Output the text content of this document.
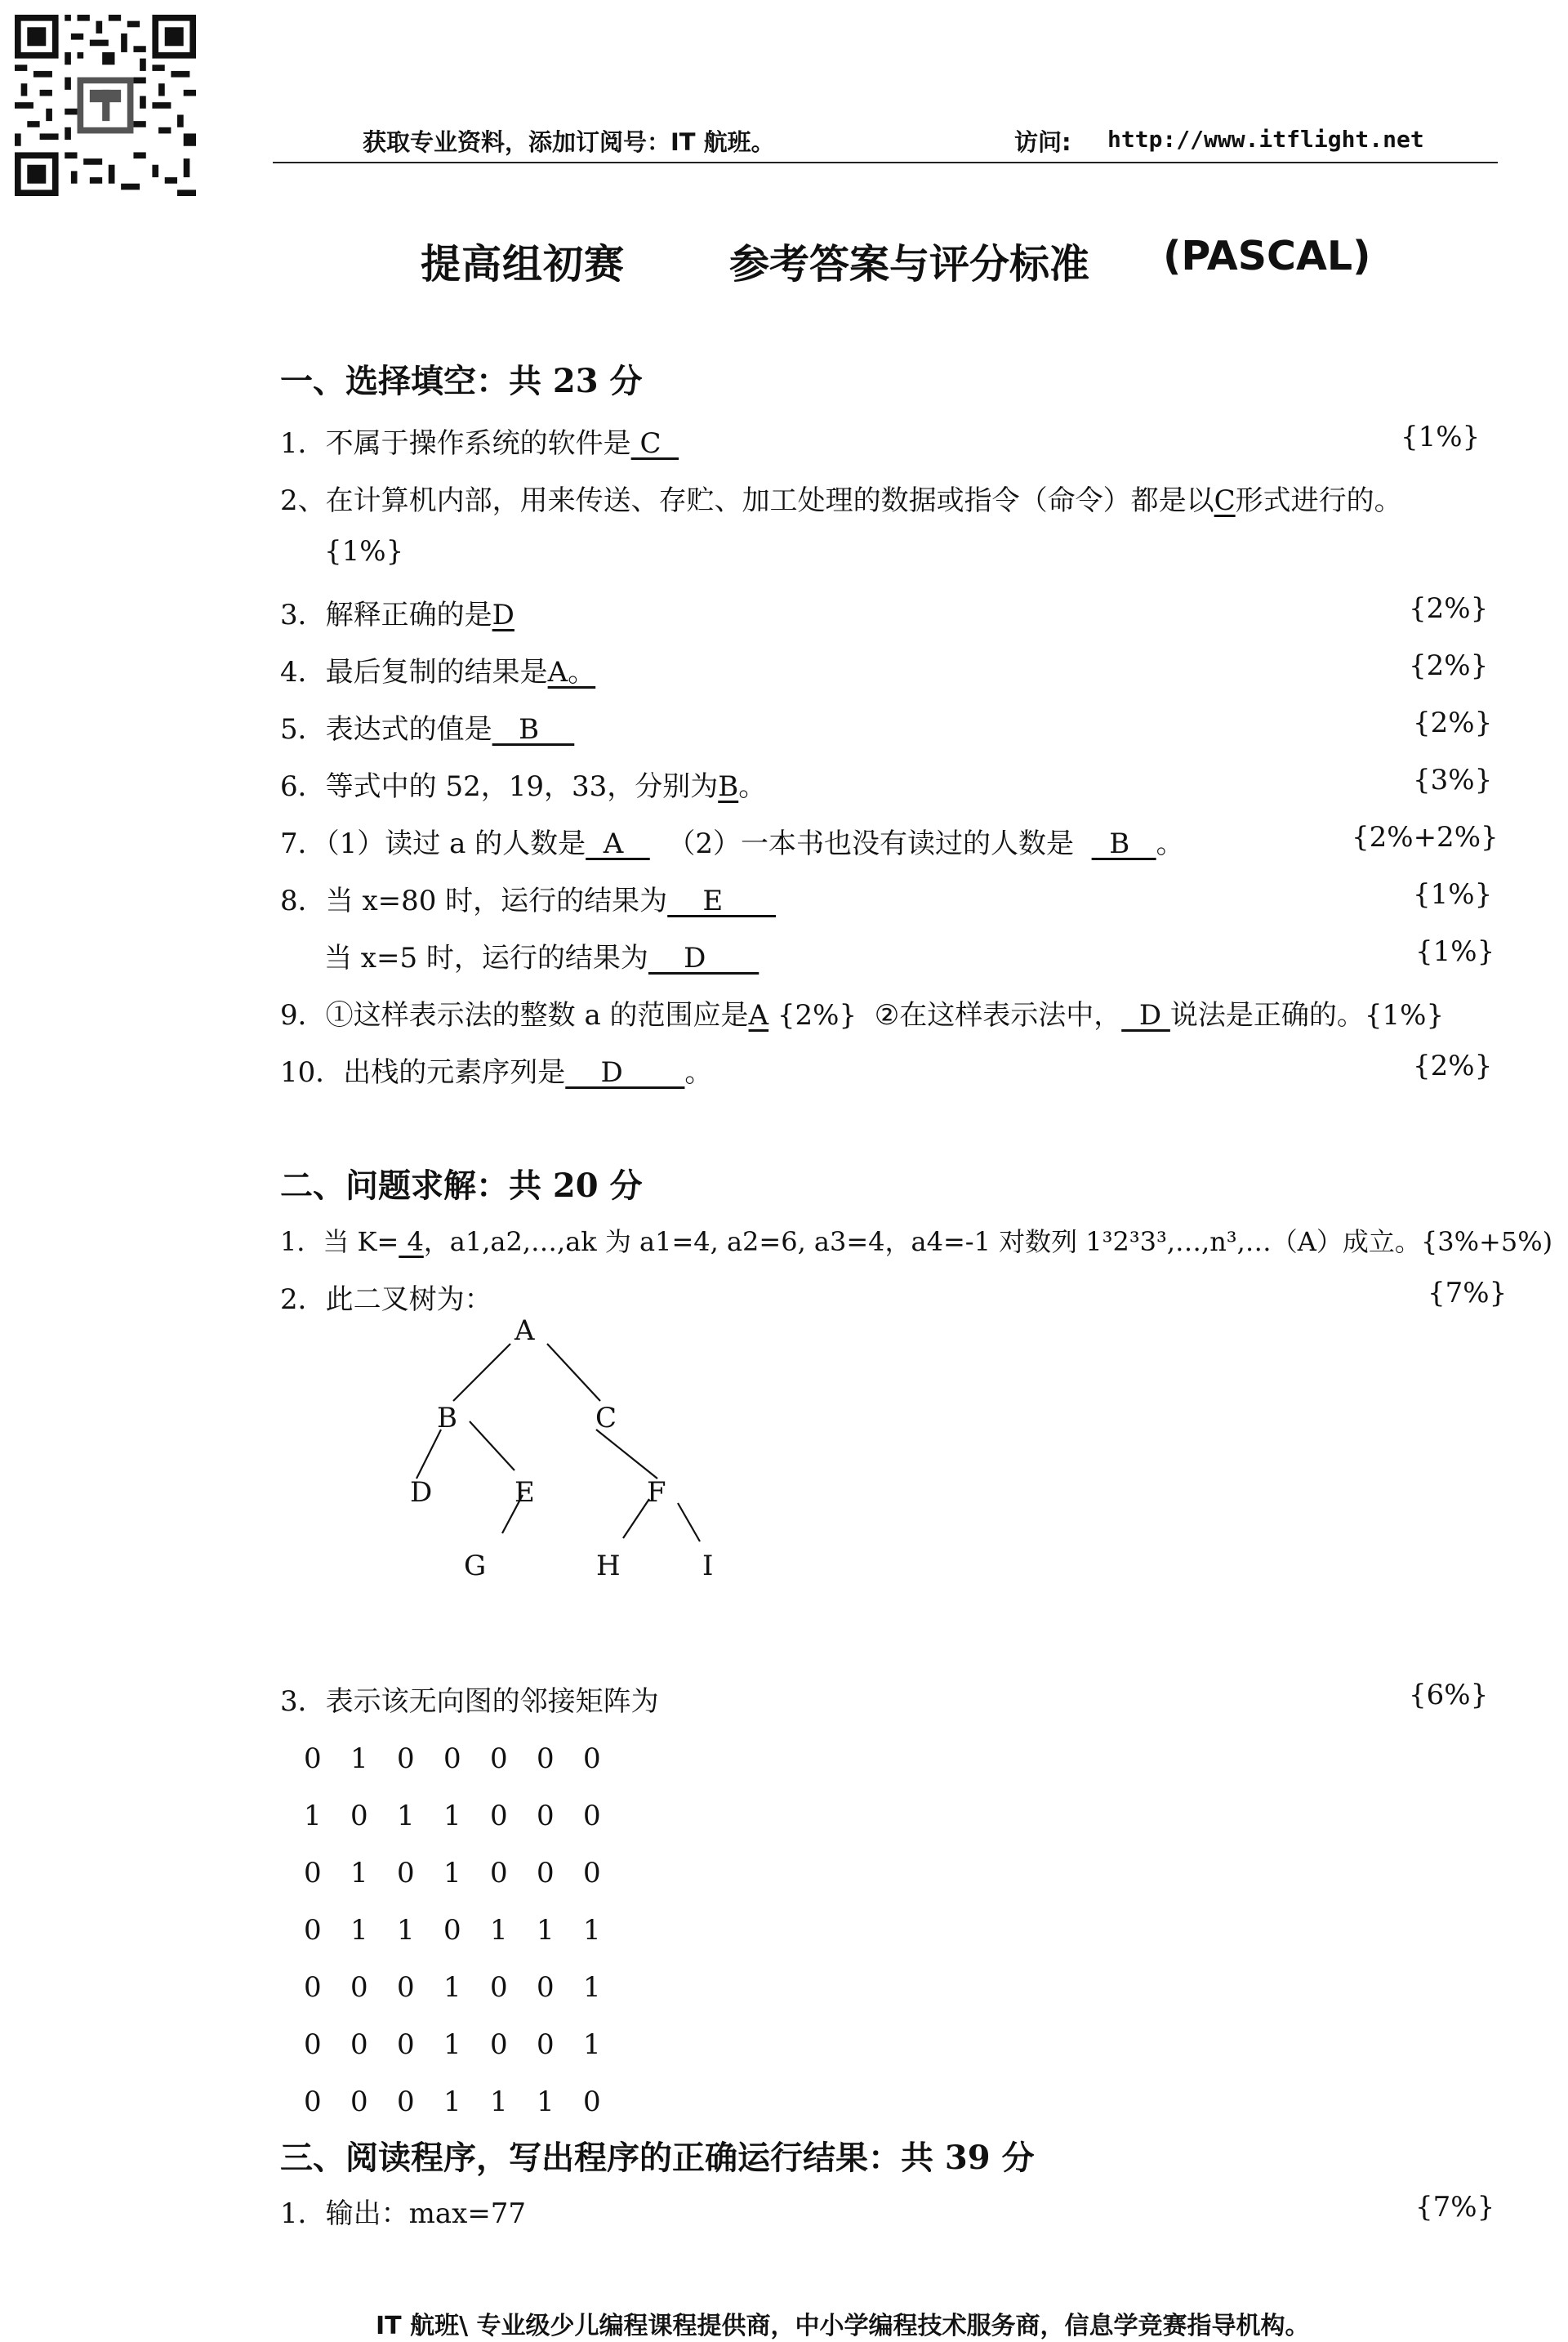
获取专业资料，添加订阅号：IT 航班。	访问: http://www.itflight.net
提高组初赛	参考答案与评分标准 (PASCAL)
一、选择填空：共 23 分
1．不属于操作系统的软件是 C	{1%}
2、在计算机内部，用来传送、存贮、加工处理的数据或指令（命令）都是以C形式进行的。
{1%}
3．解释正确的是D	{2%}
4．最后复制的结果是A。	{2%}
5．表达式的值是   B	{2%}
6．等式中的 52，19，33，分别为B。	{3%}
7．（1）读过 a 的人数是  A     （2）一本书也没有读过的人数是    B   。	{2%+2%}
8．当 x=80 时，运行的结果为    E	{1%}
当 x=5 时，运行的结果为    D	{1%}
9．①这样表示法的整数 a 的范围应是A {2%}  ②在这样表示法中，  D 说法是正确的。{1%}
10．出栈的元素序列是    D       。	{2%}
二、问题求解：共 20 分
1．当 K= 4，a1,a2,…,ak 为 a1=4, a2=6, a3=4，a4=-1 对数列 1³2³3³,…,n³,…（A）成立。{3%+5%)
2．此二叉树为：	{7%}
A
B	C
D	E	F
G	H	I
3．表示该无向图的邻接矩阵为	{6%}
0	1	0	0	0	0	0
1	0	1	1	0	0	0
0	1	0	1	0	0	0
0	1	1	0	1	1	1
0	0	0	1	0	0	1
0	0	0	1	0	0	1
0	0	0	1	1	1	0
三、阅读程序，写出程序的正确运行结果：共 39 分
1．输出：max=77	{7%}
IT 航班\ 专业级少儿编程课程提供商，中小学编程技术服务商，信息学竞赛指导机构。
